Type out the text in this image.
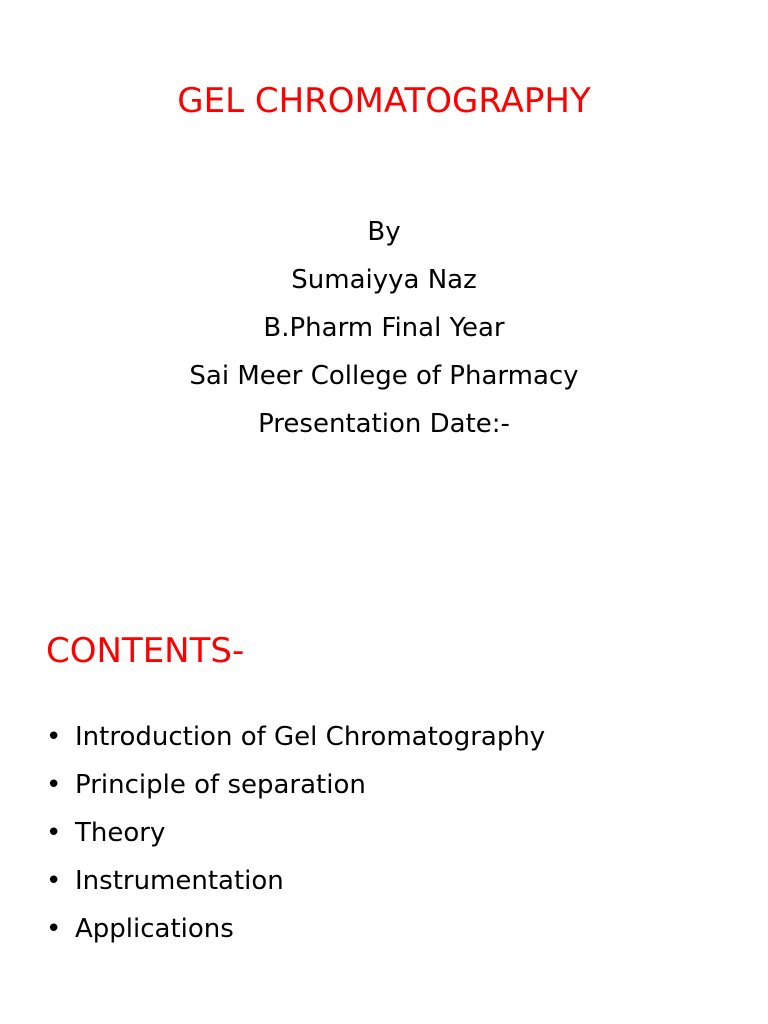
GEL CHROMATOGRAPHY
By
Sumaiyya Naz
B.Pharm Final Year
Sai Meer College of Pharmacy
Presentation Date:-
CONTENTS-
• Introduction of Gel Chromatography
• Principle of separation
• Theory
• Instrumentation
• Applications
